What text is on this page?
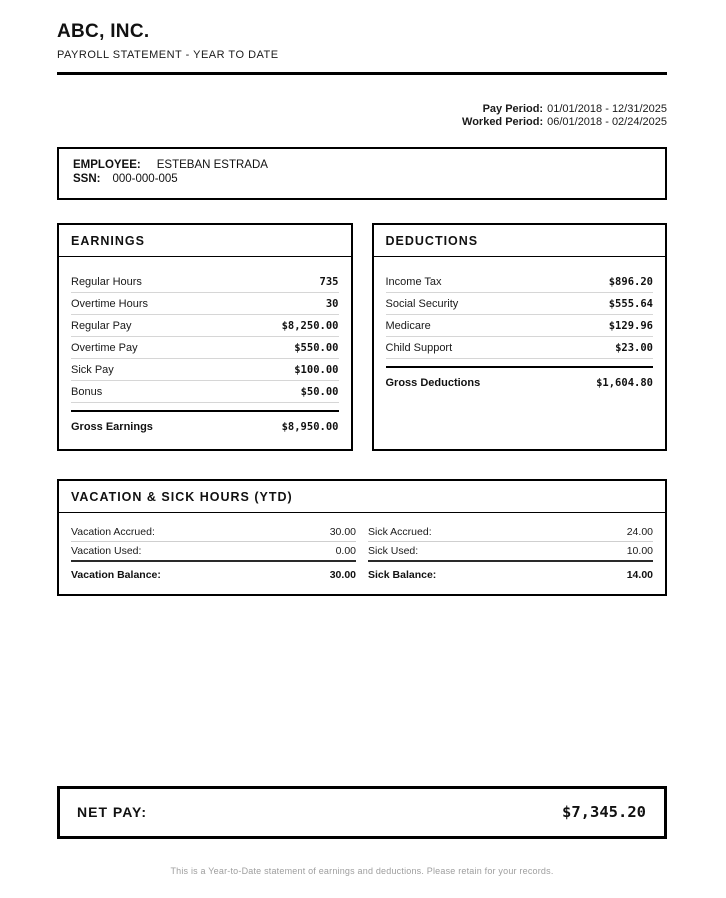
ABC, INC.
PAYROLL STATEMENT - YEAR TO DATE
Pay Period: 01/01/2018 - 12/31/2025
Worked Period: 06/01/2018 - 02/24/2025
EMPLOYEE: ESTEBAN ESTRADA
SSN: 000-000-005
EARNINGS
Regular Hours	735
Overtime Hours	30
Regular Pay	$8,250.00
Overtime Pay	$550.00
Sick Pay	$100.00
Bonus	$50.00
Gross Earnings	$8,950.00
DEDUCTIONS
Income Tax	$896.20
Social Security	$555.64
Medicare	$129.96
Child Support	$23.00
Gross Deductions	$1,604.80
VACATION & SICK HOURS (YTD)
Vacation Accrued:	30.00
Vacation Used:	0.00
Vacation Balance:	30.00
Sick Accrued:	24.00
Sick Used:	10.00
Sick Balance:	14.00
NET PAY:	$7,345.20
This is a Year-to-Date statement of earnings and deductions. Please retain for your records.
